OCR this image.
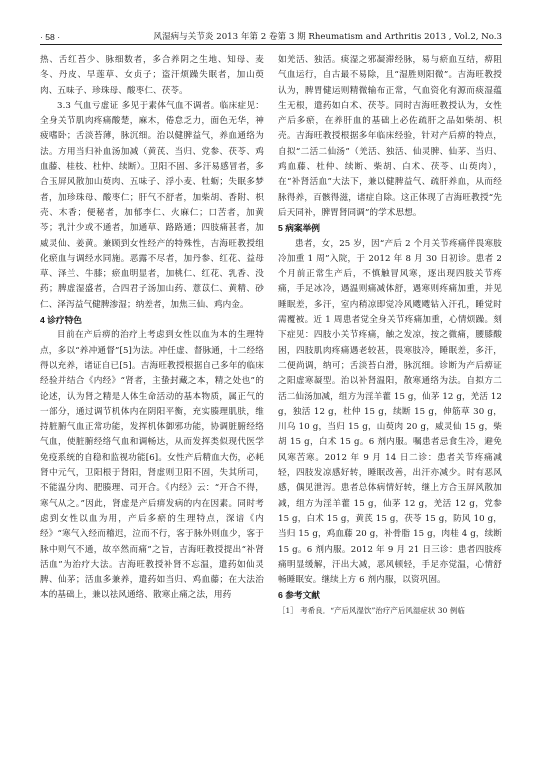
· 58 ·	风湿病与关节炎 2013 年第 2 卷第 3 期 Rheumatism and Arthritis 2013 , Vol.2, No.3

热、舌红苔少、脉细数者，多合养阴之生地、知母、麦冬、丹皮、早莲草、女贞子；盗汗烦躁失眠者，加山萸肉、五味子、珍珠母、酸枣仁、茯苓。

3.3 气血亏虚证 多见于素体气血不调者。临床症见：全身关节肌肉疼痛酸楚，麻木，倦怠乏力，面色无华，神疲嗜卧；舌淡苔薄，脉沉细。治以健脾益气，养血通络为法。方用当归补血汤加减（黄芪、当归、党参、茯苓、鸡血藤、桂枝、杜仲、续断）。卫阳不固、多汗易感冒者，多合玉屏风散加山萸肉、五味子、浮小麦、牡蛎；失眠多梦者，加珍珠母、酸枣仁；肝气不舒者，加柴胡、香附、枳壳、木香；便秘者，加郁李仁、火麻仁；口苦者，加黄芩；乳汁少或不通者，加通草、路路通；四肢痛甚者，加威灵仙、姜黄。兼顾到女性经产的特殊性，吉海旺教授组化瘀血与调经水同施。恶露不尽者，加丹参、红花、益母草、泽兰、牛膝；瘀血明显者，加桃仁、红花、乳香、没药；脾虚湿盛者，合四君子汤加山药、薏苡仁、黄精、砂仁、泽泻益气健脾渗湿；纳差者，加焦三仙、鸡内金。

4 诊疗特色

目前在产后痹的治疗上考虑到女性以血为本的生理特点，多以“养冲通督”[5]为法。冲任虚、督脉通，十二经络得以充养，诸证自已[5]。吉海旺教授根据自己多年的临床经验并结合《内经》“肾者，主蛰封藏之本，精之处也”的论述，认为肾之精是人体生命活动的基本物质，属正气的一部分，通过调节机体内在阴阳平衡，充实腠理肌肤，维持脏腑气血正常功能，发挥机体御邪功能，协调脏腑经络气血，使脏腑经络气血和调畅达，从而发挥类似现代医学免疫系统的自稳和监视功能[6]。女性产后精血大伤，必耗肾中元气，卫阳根于肾阳，肾虚则卫阳不固，失其所司，不能温分肉、肥腠理、司开合。《内经》云：“开合不得，寒气从之。”因此，肾虚是产后痹发病的内在因素。同时考虑到女性以血为用，产后多瘀的生理特点，深谙《内经》“寒气入经而稽迟，泣而不行，客于脉外则血少，客于脉中则气不通，故卒然而痛”之旨，吉海旺教授提出“补肾活血”为治疗大法。吉海旺教授补肾不忘温，遣药如仙灵脾、仙茅；活血多兼养，遣药如当归、鸡血藤；在大法治本的基础上，兼以祛风通络、散寒止痛之法，用药

如羌活、独活。痰湿之邪凝滞经脉，易与瘀血互结，痹阻气血运行，自古最不易除，且“湿胜则阳微”。吉海旺教授认为，脾胃健运则精微输布正常，气血资化有源而痰湿蕴生无根，遣药如白术、茯苓。同时吉海旺教授认为，女性产后多瘀，在养肝血的基础上必佐疏肝之品如柴胡、枳壳。吉海旺教授根据多年临床经验，针对产后痹的特点，自拟“二活二仙汤”（羌活、独活、仙灵脾、仙茅、当归、鸡血藤、杜仲、续断、柴胡、白术、茯苓、山萸肉），在“补肾活血”大法下，兼以健脾益气、疏肝养血，从而经脉得养，百骸得滋，诸症自除。这正体现了吉海旺教授“先后天同补，脾胃肾同调”的学术思想。

5 病案举例

患者，女，25 岁，因“产后 2 个月关节疼痛伴畏寒肢冷加重 1 周”入院，于 2012 年 8 月 30 日初诊。患者 2 个月前正常生产后，不慎触冒风寒，逐出现四肢关节疼痛，手足冰冷，遇温则痛减体舒，遇寒则疼痛加重，并见睡眠差，多汗，室内稍凉即觉冷风飕飕钻入汗孔，睡觉时需覆被。近 1 周患者觉全身关节疼痛加重，心情烦躁。刻下症见：四肢小关节疼痛，触之发凉，按之微痛，腰膝酸困，四肢肌肉疼痛遇老较甚，畏寒肢冷，睡眠差，多汗，二便尚调，纳可；舌淡苔白滑，脉沉细。诊断为产后痹证之阳虚寒凝型。治以补肾温阳，散寒通络为法。自拟方二活二仙汤加减，组方为淫羊藿 15 g，仙茅 12 g，羌活 12 g，独活 12 g，杜仲 15 g，续断 15 g，伸筋草 30 g，川乌 10 g，当归 15 g，山萸肉 20 g，威灵仙 15 g，柴胡 15 g，白术 15 g。6 剂内服。嘱患者忌食生冷，避免风寒苦寒。2012 年 9 月 14 日二诊：患者关节疼痛减轻，四肢发凉感好转，睡眠改善，出汗亦减少。时有恶风感，偶见泄泻。患者总体病情好转，继上方合玉屏风散加减，组方为淫羊藿 15 g，仙茅 12 g，羌活 12 g，党参 15 g，白术 15 g，黄芪 15 g，茯苓 15 g，防风 10 g，当归 15 g，鸡血藤 20 g，补骨脂 15 g，肉桂 4 g，续断 15 g。6 剂内服。2012 年 9 月 21 日三诊：患者四肢疼痛明显缓解，汗出大减，恶风顿轻，手足亦觉温，心情舒畅睡眠安。继续上方 6 剂内服，以资巩固。

6 参考文献

［1］ 考希良．“产后风湿饮”治疗产后风湿症状 30 例临
